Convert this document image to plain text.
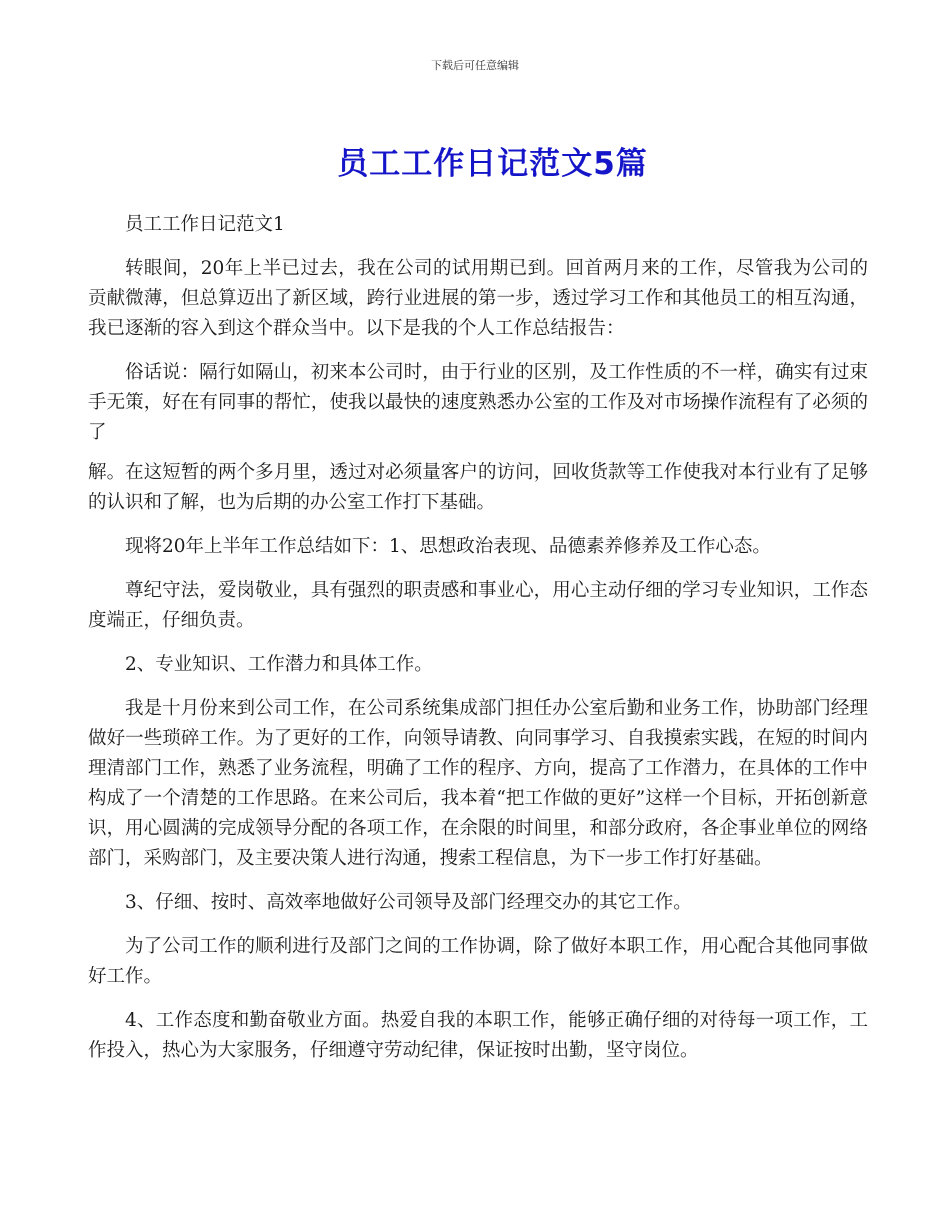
下载后可任意编辑
员工工作日记范文5篇

员工工作日记范文1

转眼间，20年上半已过去，我在公司的试用期已到。回首两月来的工作，尽管我为公司的贡献微薄，但总算迈出了新区域，跨行业进展的第一步，透过学习工作和其他员工的相互沟通，我已逐渐的容入到这个群众当中。以下是我的个人工作总结报告：

俗话说：隔行如隔山，初来本公司时，由于行业的区别，及工作性质的不一样，确实有过束手无策，好在有同事的帮忙，使我以最快的速度熟悉办公室的工作及对市场操作流程有了必须的了

解。在这短暂的两个多月里，透过对必须量客户的访问，回收货款等工作使我对本行业有了足够的认识和了解，也为后期的办公室工作打下基础。

现将20年上半年工作总结如下：1、思想政治表现、品德素养修养及工作心态。

尊纪守法，爱岗敬业，具有强烈的职责感和事业心，用心主动仔细的学习专业知识，工作态度端正，仔细负责。

2、专业知识、工作潜力和具体工作。

我是十月份来到公司工作，在公司系统集成部门担任办公室后勤和业务工作，协助部门经理做好一些琐碎工作。为了更好的工作，向领导请教、向同事学习、自我摸索实践，在短的时间内理清部门工作，熟悉了业务流程，明确了工作的程序、方向，提高了工作潜力，在具体的工作中构成了一个清楚的工作思路。在来公司后，我本着“把工作做的更好”这样一个目标，开拓创新意识，用心圆满的完成领导分配的各项工作，在余限的时间里，和部分政府，各企事业单位的网络部门，采购部门，及主要决策人进行沟通，搜索工程信息，为下一步工作打好基础。

3、仔细、按时、高效率地做好公司领导及部门经理交办的其它工作。

为了公司工作的顺利进行及部门之间的工作协调，除了做好本职工作，用心配合其他同事做好工作。

4、工作态度和勤奋敬业方面。热爱自我的本职工作，能够正确仔细的对待每一项工作，工作投入，热心为大家服务，仔细遵守劳动纪律，保证按时出勤，坚守岗位。
